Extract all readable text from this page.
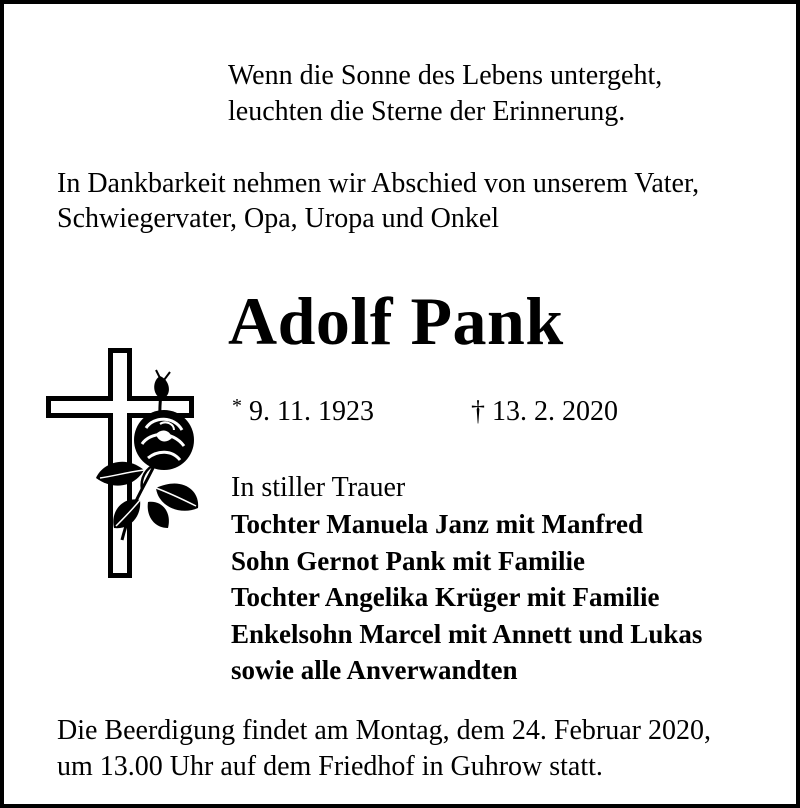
Wenn die Sonne des Lebens untergeht,

leuchten die Sterne der Erinnerung.

In Dankbarkeit nehmen wir Abschied von unserem Vater,

Schwiegervater, Opa, Uropa und Onkel

Adolf Pank

* 9. 11. 1923	† 13. 2. 2020

In stiller Trauer

Tochter Manuela Janz mit Manfred

Sohn Gernot Pank mit Familie

Tochter Angelika Krüger mit Familie

Enkelsohn Marcel mit Annett und Lukas

sowie alle Anverwandten

Die Beerdigung findet am Montag, dem 24. Februar 2020,

um 13.00 Uhr auf dem Friedhof in Guhrow statt.
